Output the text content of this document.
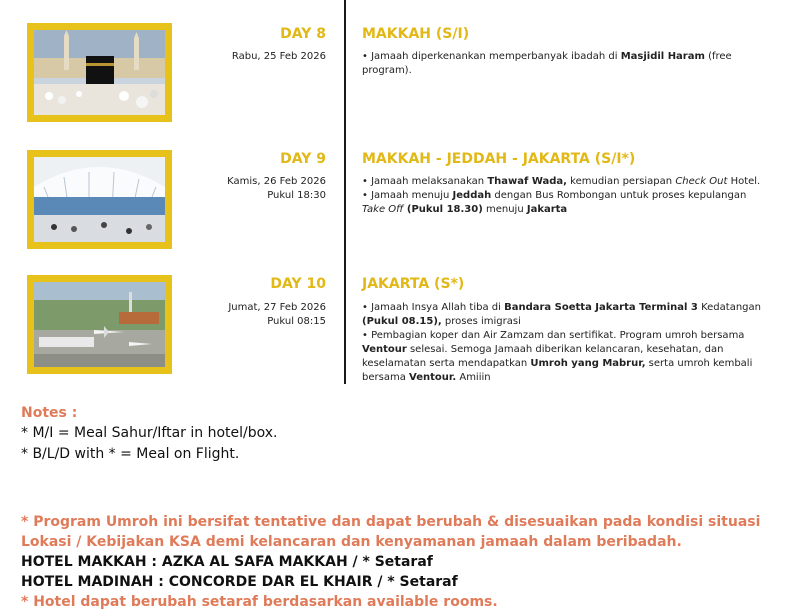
DAY 8
Rabu, 25 Feb 2026
MAKKAH (S/I)

• Jamaah diperkenankan memperbanyak ibadah di Masjidil Haram (free program).

DAY 9
Kamis, 26 Feb 2026
Pukul 18:30
MAKKAH - JEDDAH - JAKARTA (S/I*)

• Jamaah melaksanakan Thawaf Wada, kemudian persiapan Check Out Hotel.

• Jamaah menuju Jeddah dengan Bus Rombongan untuk proses kepulangan Take Off (Pukul 18.30) menuju Jakarta

DAY 10
Jumat, 27 Feb 2026
Pukul 08:15
JAKARTA (S*)

• Jamaah Insya Allah tiba di Bandara Soetta Jakarta Terminal 3 Kedatangan (Pukul 08.15), proses imigrasi

• Pembagian koper dan Air Zamzam dan sertifikat. Program umroh bersama Ventour selesai. Semoga Jamaah diberikan kelancaran, kesehatan, dan keselamatan serta mendapatkan Umroh yang Mabrur, serta umroh kembali bersama Ventour. Amiiin

Notes :
* M/I = Meal Sahur/Iftar in hotel/box.
* B/L/D with * = Meal on Flight.
* Program Umroh ini bersifat tentative dan dapat berubah & disesuaikan pada kondisi situasi Lokasi / Kebijakan KSA demi kelancaran dan kenyamanan jamaah dalam beribadah.
HOTEL MAKKAH : AZKA AL SAFA MAKKAH / * Setaraf
HOTEL MADINAH : CONCORDE DAR EL KHAIR / * Setaraf
* Hotel dapat berubah setaraf berdasarkan available rooms.
